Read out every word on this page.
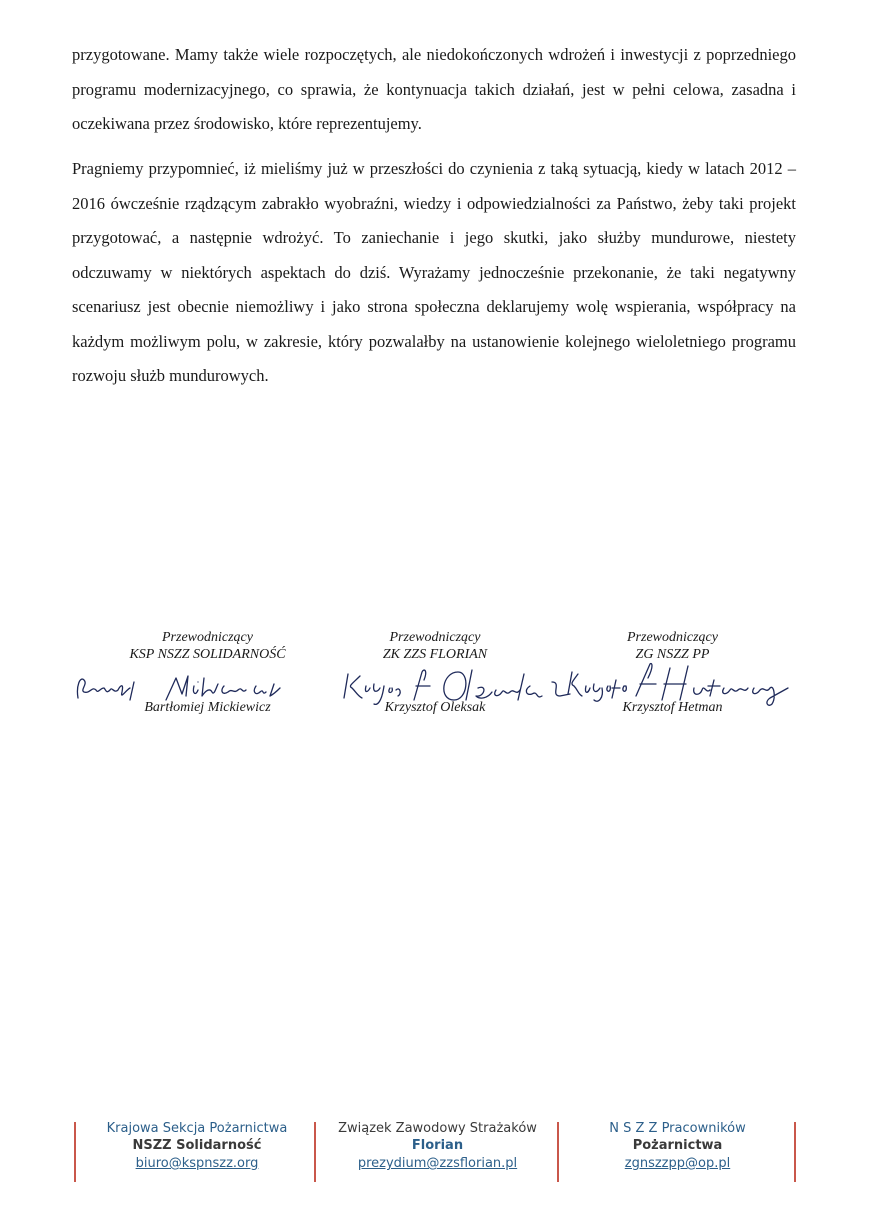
przygotowane. Mamy także wiele rozpoczętych, ale niedokończonych wdrożeń i inwestycji z poprzedniego programu modernizacyjnego, co sprawia, że kontynuacja takich działań, jest w pełni celowa, zasadna i oczekiwana przez środowisko, które reprezentujemy.

Pragniemy przypomnieć, iż mieliśmy już w przeszłości do czynienia z taką sytuacją, kiedy w latach 2012 – 2016 ówcześnie rządzącym zabrakło wyobraźni, wiedzy i odpowiedzialności za Państwo, żeby taki projekt przygotować, a następnie wdrożyć. To zaniechanie i jego skutki, jako służby mundurowe, niestety odczuwamy w niektórych aspektach do dziś. Wyrażamy jednocześnie przekonanie, że taki negatywny scenariusz jest obecnie niemożliwy i jako strona społeczna deklarujemy wolę wspierania, współpracy na każdym możliwym polu, w zakresie, który pozwalałby na ustanowienie kolejnego wieloletniego programu rozwoju służb mundurowych.

Przewodniczący
KSP NSZZ SOLIDARNOŚĆ
Bartłomiej Mickiewicz
Przewodniczący
ZK ZZS FLORIAN
Krzysztof Oleksak
Przewodniczący
ZG NSZZ PP
Krzysztof Hetman
Krajowa Sekcja Pożarnictwa
NSZZ Solidarność
biuro@kspnszz.org
Związek Zawodowy Strażaków
Florian
prezydium@zzsflorian.pl
N S Z Z Pracowników
Pożarnictwa
zgnszzpp@op.pl
